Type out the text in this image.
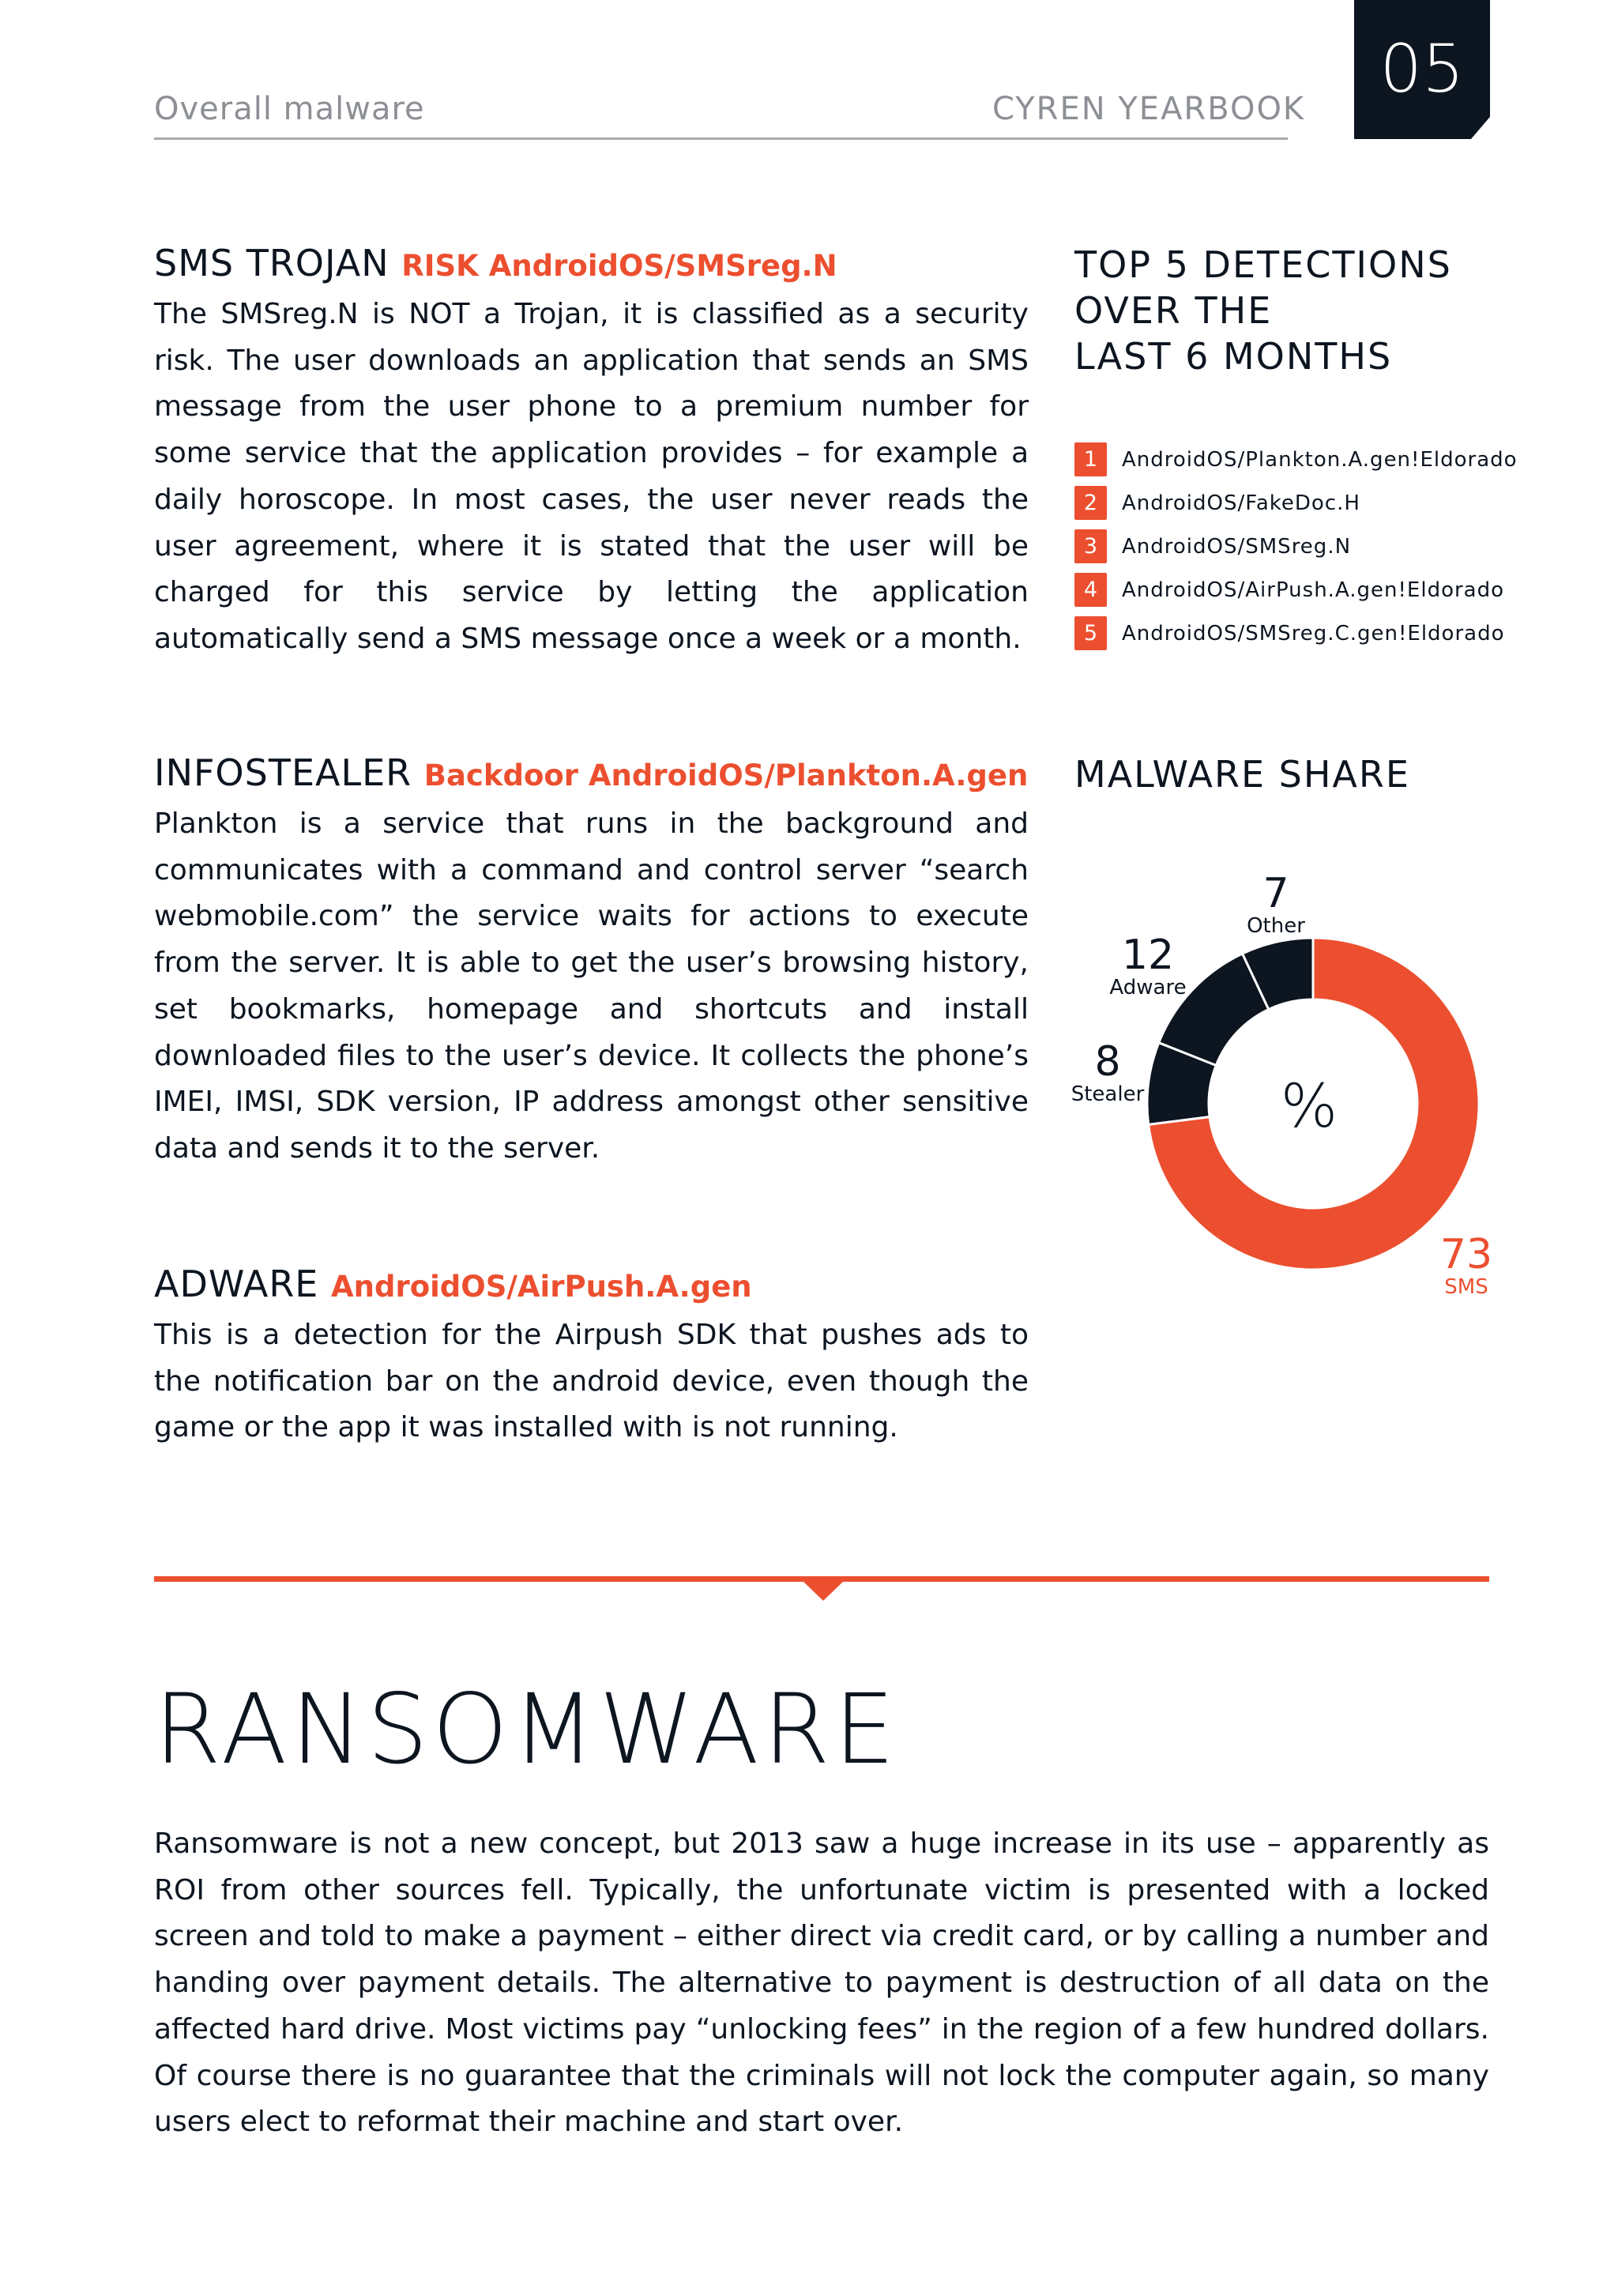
Overall malware	CYREN YEARBOOK
05
SMS TROJAN RISK AndroidOS/SMSreg.N
The SMSreg.N is NOT a Trojan, it is classified as a security risk. The user downloads an application that sends an SMS message from the user phone to a premium number for some service that the application provides – for example a daily horoscope. In most cases, the user never reads the user agreement, where it is stated that the user will be charged for this service by letting the application automatically send a SMS message once a week or a month.
INFOSTEALER Backdoor AndroidOS/Plankton.A.gen
Plankton is a service that runs in the background and communicates with a command and control server “search webmobile.com” the service waits for actions to execute from the server. It is able to get the user’s browsing history, set bookmarks, homepage and shortcuts and install downloaded files to the user’s device. It collects the phone’s IMEI, IMSI, SDK version, IP address amongst other sensitive data and sends it to the server.
ADWARE AndroidOS/AirPush.A.gen
This is a detection for the Airpush SDK that pushes ads to the notification bar on the android device, even though the game or the app it was installed with is not running.
TOP 5 DETECTIONS
OVER THE
LAST 6 MONTHS
1	AndroidOS/Plankton.A.gen!Eldorado
2	AndroidOS/FakeDoc.H
3	AndroidOS/SMSreg.N
4	AndroidOS/AirPush.A.gen!Eldorado
5	AndroidOS/SMSreg.C.gen!Eldorado
MALWARE SHARE
7
Other
12
Adware
8
Stealer
73
SMS
%
RANSOMWARE
Ransomware is not a new concept, but 2013 saw a huge increase in its use – apparently as ROI from other sources fell. Typically, the unfortunate victim is presented with a locked screen and told to make a payment – either direct via credit card, or by calling a number and handing over payment details. The alternative to payment is destruction of all data on the affected hard drive. Most victims pay “unlocking fees” in the region of a few hundred dollars. Of course there is no guarantee that the criminals will not lock the computer again, so many users elect to reformat their machine and start over.
